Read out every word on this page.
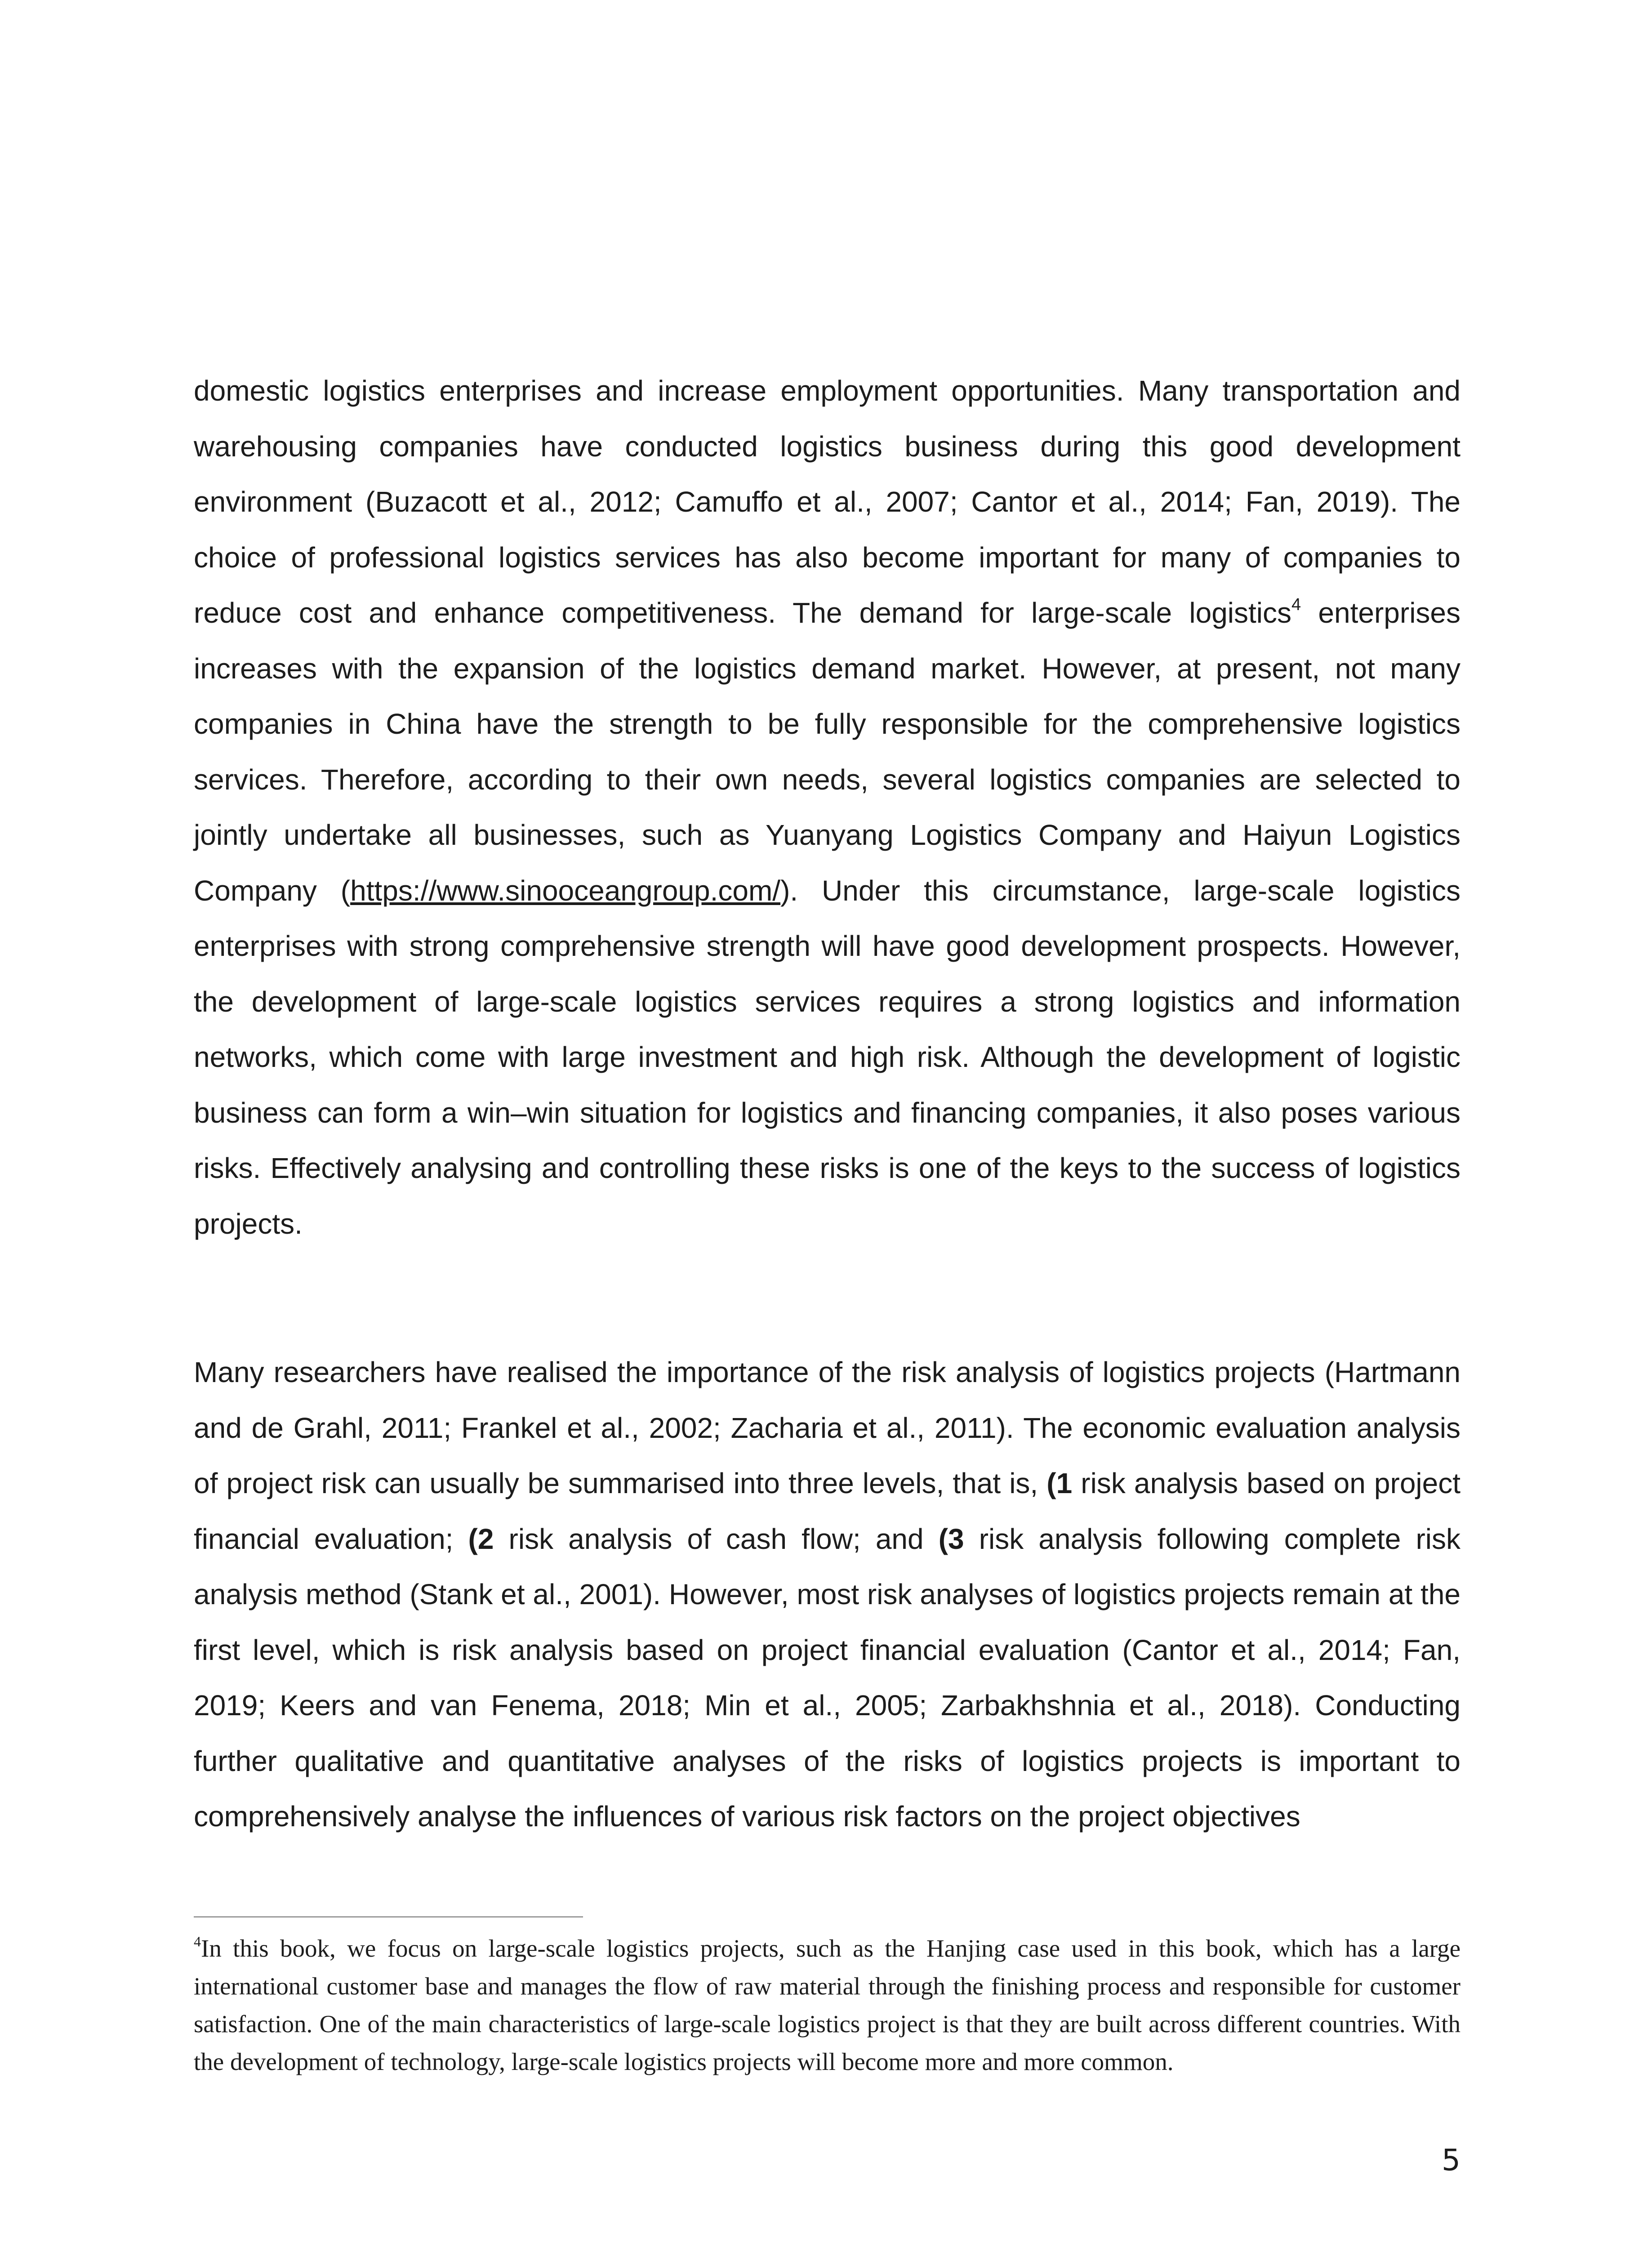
domestic logistics enterprises and increase employment opportunities. Many transportation and warehousing companies have conducted logistics business during this good development environment (Buzacott et al., 2012; Camuffo et al., 2007; Cantor et al., 2014; Fan, 2019). The choice of professional logistics services has also become important for many of companies to reduce cost and enhance competitiveness. The demand for large-scale logistics$^4$ enterprises increases with the expansion of the logistics demand market. However, at present, not many companies in China have the strength to be fully responsible for the comprehensive logistics services. Therefore, according to their own needs, several logistics companies are selected to jointly undertake all businesses, such as Yuanyang Logistics Company and Haiyun Logistics Company (https://www.sinooceangroup.com/). Under this circumstance, large-scale logistics enterprises with strong comprehensive strength will have good development prospects. However, the development of large-scale logistics services requires a strong logistics and information networks, which come with large investment and high risk. Although the development of logistic business can form a win–win situation for logistics and financing companies, it also poses various risks. Effectively analysing and controlling these risks is one of the keys to the success of logistics projects.

Many researchers have realised the importance of the risk analysis of logistics projects (Hartmann and de Grahl, 2011; Frankel et al., 2002; Zacharia et al., 2011). The economic evaluation analysis of project risk can usually be summarised into three levels, that is, (1 risk analysis based on project financial evaluation; (2 risk analysis of cash flow; and (3 risk analysis following complete risk analysis method (Stank et al., 2001). However, most risk analyses of logistics projects remain at the first level, which is risk analysis based on project financial evaluation (Cantor et al., 2014; Fan, 2019; Keers and van Fenema, 2018; Min et al., 2005; Zarbakhshnia et al., 2018). Conducting further qualitative and quantitative analyses of the risks of logistics projects is important to comprehensively analyse the influences of various risk factors on the project objectives

$^4$In this book, we focus on large-scale logistics projects, such as the Hanjing case used in this book, which has a large international customer base and manages the flow of raw material through the finishing process and responsible for customer satisfaction. One of the main characteristics of large-scale logistics project is that they are built across different countries. With the development of technology, large-scale logistics projects will become more and more common.

5
